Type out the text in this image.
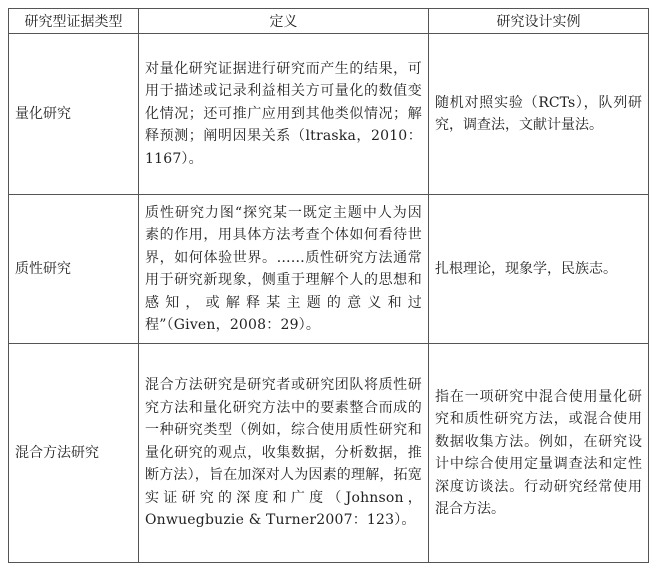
研究型证据类型	定义	研究设计实例
量化研究	对量化研究证据进行研究而产生的结果，可用于描述或记录利益相关方可量化的数值变化情况；还可推广应用到其他类似情况；解释预测；阐明因果关系（ltraska，2010：1167）。	随机对照实验（RCTs），队列研究，调查法，文献计量法。
质性研究	质性研究力图“探究某一既定主题中人为因素的作用，用具体方法考查个体如何看待世界，如何体验世界。……质性研究方法通常用于研究新现象，侧重于理解个人的思想和感知，或解释某主题的意义和过程”（Given，2008：29）。	扎根理论，现象学，民族志。
混合方法研究	混合方法研究是研究者或研究团队将质性研究方法和量化研究方法中的要素整合而成的一种研究类型（例如，综合使用质性研究和量化研究的观点，收集数据，分析数据，推断方法），旨在加深对人为因素的理解，拓宽实证研究的深度和广度（Johnson，Onwuegbuzie & Turner2007：123）。	指在一项研究中混合使用量化研究和质性研究方法，或混合使用数据收集方法。例如，在研究设计中综合使用定量调查法和定性深度访谈法。行动研究经常使用混合方法。
